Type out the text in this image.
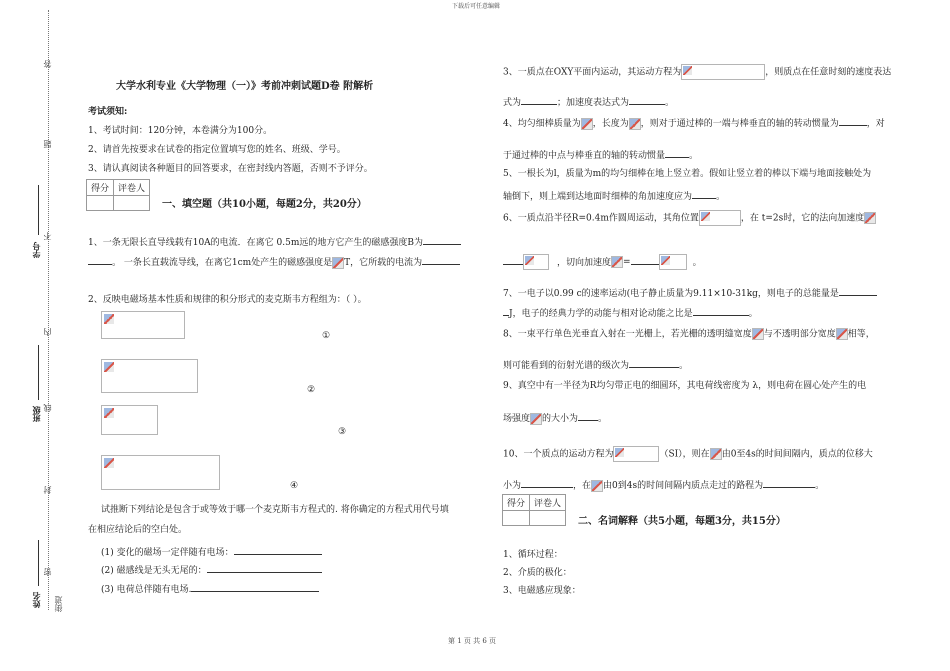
下载后可任意编辑
第 1 页 共 6 页
答
题
不
内
线
封
密
街道
学号
班级
姓名
大学水利专业《大学物理（一）》考前冲刺试题D卷 附解析
考试须知:
1、考试时间：120分钟，本卷满分为100分。
2、请首先按要求在试卷的指定位置填写您的姓名、班级、学号。
3、请认真阅读各种题目的回答要求，在密封线内答题，否则不予评分。
得分	评卷人

一、填空题（共10小题，每题2分，共20分）
1、一条无限长直导线载有10A的电流．在离它 0.5m远的地方它产生的磁感强度B为
。 一条长直载流导线，在离它1cm处产生的磁感强度是 T，它所载的电流为
2、反映电磁场基本性质和规律的积分形式的麦克斯韦方程组为：（ ）。
①
②
③
④
试推断下列结论是包含于或等效于哪一个麦克斯韦方程式的. 将你确定的方程式用代号填
在相应结论后的空白处。
(1) 变化的磁场一定伴随有电场：
(2) 磁感线是无头无尾的：
(3) 电荷总伴随有电场.
3、一质点在OXY平面内运动，其运动方程为	，则质点在任意时刻的速度表达
式为	；加速度表达式为	。
4、均匀细棒质量为 ，长度为 ，则对于通过棒的一端与棒垂直的轴的转动惯量为	，对
于通过棒的中点与棒垂直的轴的转动惯量	。
5、一根长为l，质量为m的均匀细棒在地上竖立着。假如让竖立着的棒以下端与地面接触处为
轴倒下，则上端到达地面时细棒的角加速度应为	。
6、一质点沿半径R=0.4m作圆周运动，其角位置	，在 t=2s时，它的法向加速度
，切向加速度 =	。
7、一电子以0.99 c的速率运动(电子静止质量为9.11×10-31kg，则电子的总能量是
J，电子的经典力学的动能与相对论动能之比是	。
8、一束平行单色光垂直入射在一光栅上，若光栅的透明缝宽度 与不透明部分宽度 相等，
则可能看到的衍射光谱的级次为	。
9、真空中有一半径为R均匀带正电的细圆环，其电荷线密度为 λ，则电荷在圆心处产生的电
场强度 的大小为 。
10、一个质点的运动方程为	（SI），则在 由0至4s的时间间隔内，质点的位移大
小为	，在 由0到4s的时间间隔内质点走过的路程为	。
得分	评卷人

二、名词解释（共5小题，每题3分，共15分）
1、循环过程：
2、介质的极化：
3、电磁感应现象：
